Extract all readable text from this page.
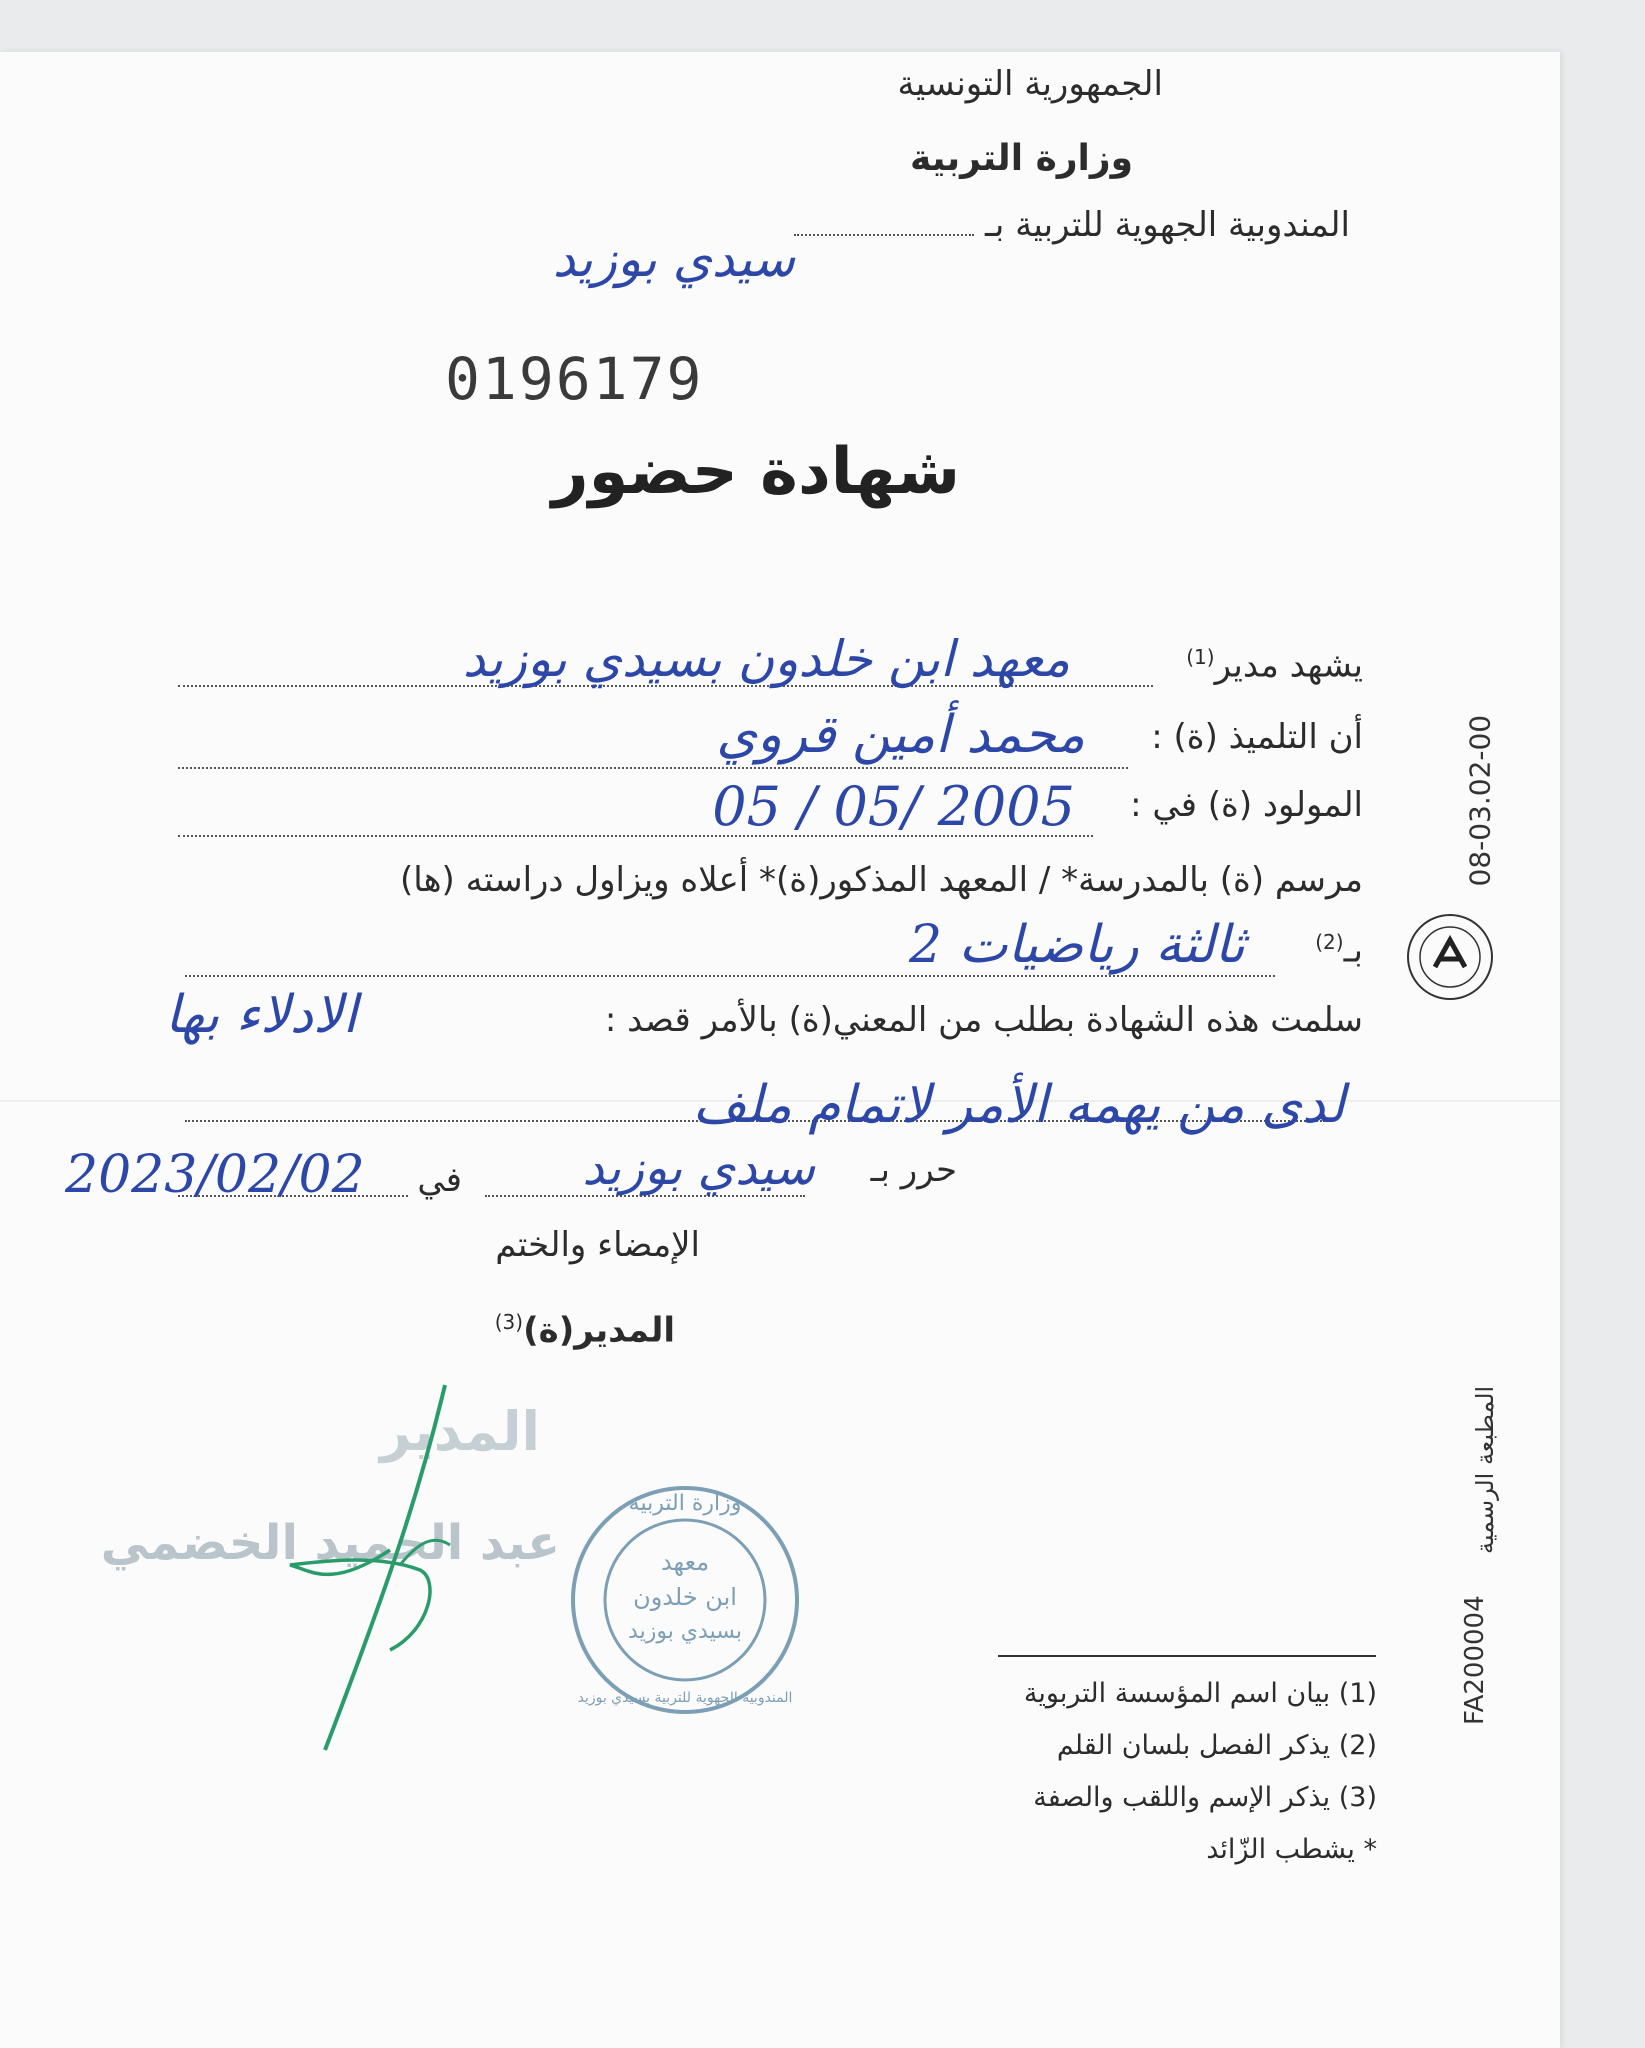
الجمهورية التونسية
وزارة التربية
المندوبية الجهوية للتربية بـ
سيدي بوزيد
0196179
شهادة حضور
يشهد مدير$^{(1)}$
معهد ابن خلدون بسيدي بوزيد
أن التلميذ (ة) :
محمد أمين قروي
المولود (ة) في :
2005 /05 / 05
مرسم (ة) بالمدرسة* / المعهد المذكور(ة)* أعلاه ويزاول دراسته (ها)
بـ$^{(2)}$
ثالثة رياضيات 2
سلمت هذه الشهادة بطلب من المعني(ة) بالأمر قصد :
الادلاء بها
لدى من يهمه الأمر لاتمام ملف
حرر بـ
سيدي بوزيد
في
2023/02/02
الإمضاء والختم
المدير(ة)$^{(3)}$
08-03.02-00
المطبعة الرسمية
FA200004
المدير
عبد الحميد الخضمي
وزارة التربية
معهد
ابن خلدون
بسيدي بوزيد
المندوبية الجهوية للتربية بسيدي بوزيد	(1) بيان اسم المؤسسة التربوية
(2) يذكر الفصل بلسان القلم
(3) يذكر الإسم واللقب والصفة
* يشطب الزّائد
